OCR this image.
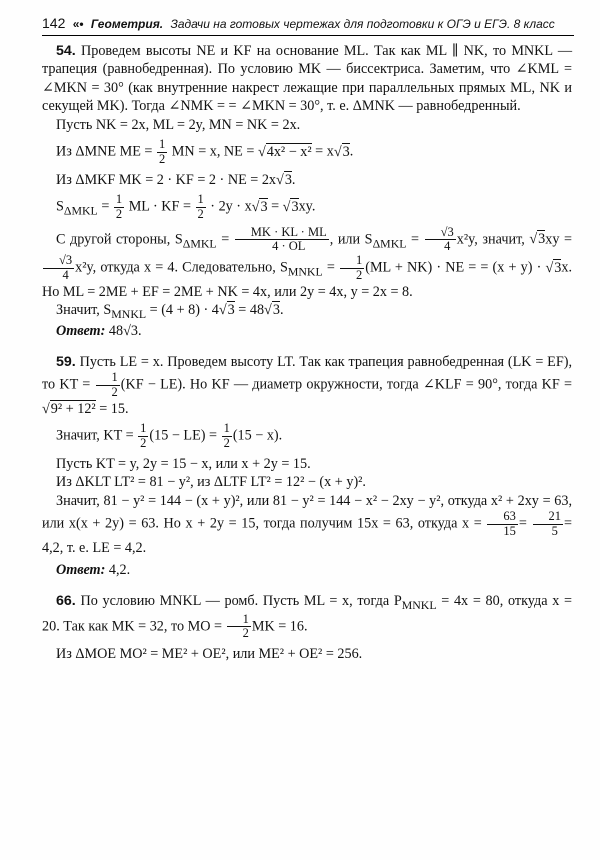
142 «• Геометрия. Задачи на готовых чертежах для подготовки к ОГЭ и ЕГЭ. 8 класс

54. Проведем высоты NE и KF на основание ML. Так как ML ∥ NK, то MNKL — трапеция (равнобедренная). По условию MK — биссектриса. Заметим, что ∠KML = ∠MKN = 30° (как внутренние накрест лежащие при параллельных прямых ML, NK и секущей MK). Тогда ∠NMK = = ∠MKN = 30°, т. е. ΔMNK — равнобедренный.

Пусть NK = 2x, ML = 2y, MN = NK = 2x.

Из ΔMNE ME = $\frac{1}{2}$ MN = x, NE = √ 4x² − x² = x√ 3.

Из ΔMKF MK = 2 · KF = 2 · NE = 2x√ 3.

$S_{\Delta MKL} = \frac{1}{2}$ ML · KF = $\frac{1}{2} \cdot 2y \cdot x√$ 3 = √ 3xy.

С другой стороны, $S_{\Delta MKL} = \frac{MK \cdot KL \cdot ML}{4 \cdot OL}$ , или $S_{\Delta MKL} = \frac{√3}{4} x^2y$, значит, √ 3xy =
$\frac{√3}{4} x^2y$, откуда x = 4. Следовательно, $S_{MNKL} = \frac{1}{2} (ML + NK)$ · NE = = (x + y) · √ 3x. Но ML = 2ME + EF = 2ME + NK = 4x, или 2y = 4x, y = 2x = 8.

Значит, $S_{MNKL} = (4 + 8) \cdot 4√$ 3 = 48√ 3.

Ответ: 48√3.

59. Пусть LE = x. Проведем высоту LT. Так как трапеция равнобедренная (LK = EF), то KT = $\frac{1}{2} (KF - LE)$. Но KF — диаметр окружности, тогда ∠KLF = 90°, тогда KF = √ 9² + 12² = 15.

Значит, KT = $\frac{1}{2} (15 - LE) = \frac{1}{2} (15 - x)$.

Пусть KT = y, 2y = 15 − x, или x + 2y = 15.

Из ΔKLT LT² = 81 − y², из ΔLTF LT² = 12² − (x + y)².

Значит, 81 − y² = 144 − (x + y)², или 81 − y² = 144 − x² − 2xy − y², откуда x² + 2xy = 63, или x(x + 2y) = 63. Но x + 2y = 15, тогда получим 15x = 63, откуда $x = \frac{63}{15} = \frac{21}{5} = 4,2$, т. е. LE = 4,2.

Ответ: 4,2.

66. По условию MNKL — ромб. Пусть ML = x, тогда $P_{MNKL} = 4x = 80$, откуда x = 20. Так как MK = 32, то MO = $\frac{1}{2}$ MK = 16.

Из ΔMOE MO² = ME² + OE², или ME² + OE² = 256.
